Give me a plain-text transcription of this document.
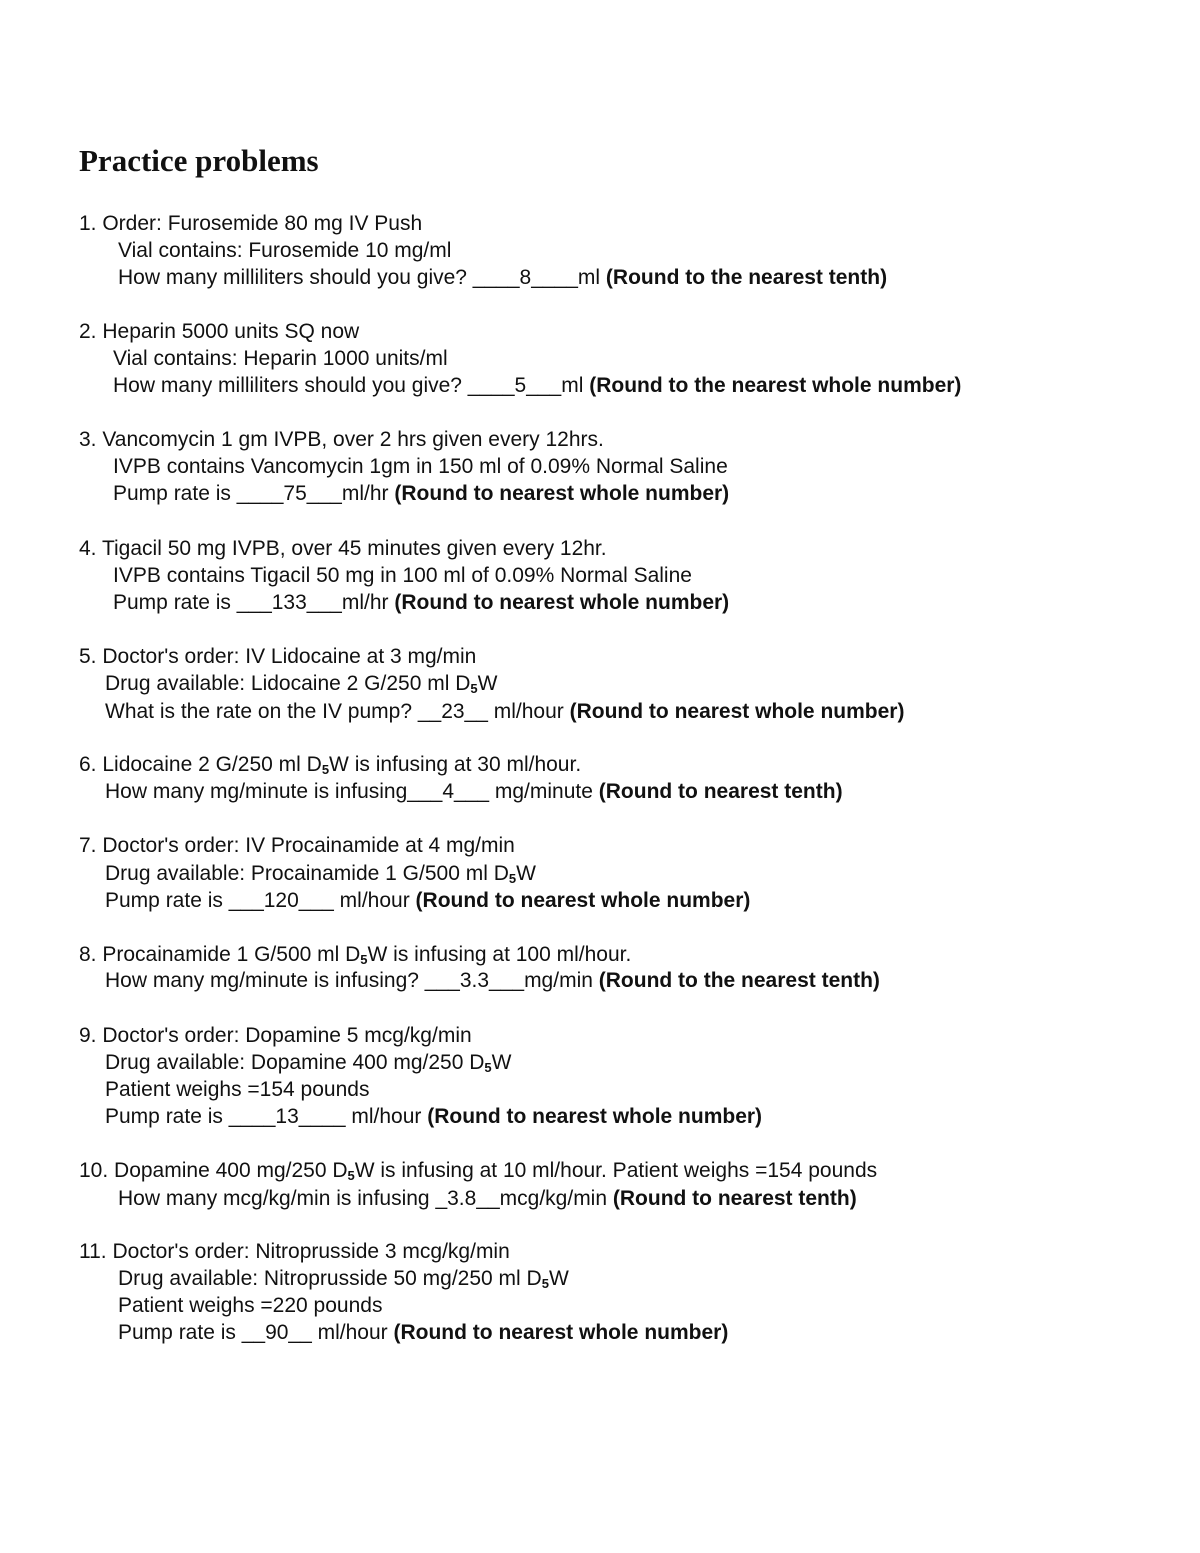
Practice problems
1. Order: Furosemide 80 mg IV Push
Vial contains: Furosemide 10 mg/ml
How many milliliters should you give? ____8____ml (Round to the nearest tenth)
2. Heparin 5000 units SQ now
Vial contains: Heparin 1000 units/ml
How many milliliters should you give? ____5___ml (Round to the nearest whole number)
3. Vancomycin 1 gm IVPB, over 2 hrs given every 12hrs.
IVPB contains Vancomycin 1gm in 150 ml of 0.09% Normal Saline
Pump rate is ____75___ml/hr (Round to nearest whole number)
4. Tigacil 50 mg IVPB, over 45 minutes given every 12hr.
IVPB contains Tigacil 50 mg in 100 ml of 0.09% Normal Saline
Pump rate is ___133___ml/hr (Round to nearest whole number)
5. Doctor's order: IV Lidocaine at 3 mg/min
Drug available: Lidocaine 2 G/250 ml $D_5W$
What is the rate on the IV pump? __23__ ml/hour (Round to nearest whole number)
6. Lidocaine 2 G/250 ml $D_5W$ is infusing at 30 ml/hour.
How many mg/minute is infusing___4___ mg/minute (Round to nearest tenth)
7. Doctor's order: IV Procainamide at 4 mg/min
Drug available: Procainamide 1 G/500 ml $D_5W$
Pump rate is ___120___ ml/hour (Round to nearest whole number)
8. Procainamide 1 G/500 ml $D_5W$ is infusing at 100 ml/hour.
How many mg/minute is infusing? ___3.3___mg/min (Round to the nearest tenth)
9. Doctor's order: Dopamine 5 mcg/kg/min
Drug available: Dopamine 400 mg/250 $D_5W$
Patient weighs =154 pounds
Pump rate is ____13____ ml/hour (Round to nearest whole number)
10. Dopamine 400 mg/250 $D_5W$ is infusing at 10 ml/hour. Patient weighs =154 pounds
How many mcg/kg/min is infusing _3.8__mcg/kg/min (Round to nearest tenth)
11. Doctor's order: Nitroprusside 3 mcg/kg/min
Drug available: Nitroprusside 50 mg/250 ml $D_5W$
Patient weighs =220 pounds
Pump rate is __90__ ml/hour (Round to nearest whole number)
